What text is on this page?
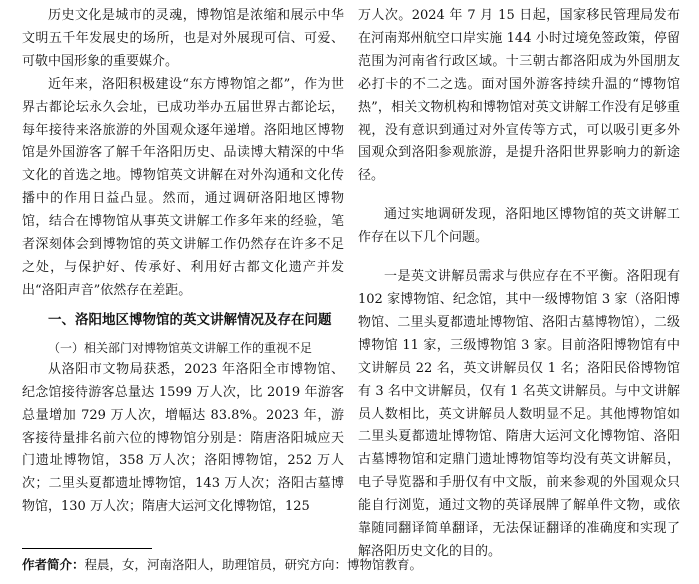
历史文化是城市的灵魂，博物馆是浓缩和展示中华文明五千年发展史的场所，也是对外展现可信、可爱、可敬中国形象的重要媒介。

近年来，洛阳积极建设“东方博物馆之都”，作为世界古都论坛永久会址，已成功举办五届世界古都论坛，每年接待来洛旅游的外国观众逐年递增。洛阳地区博物馆是外国游客了解千年洛阳历史、品读博大精深的中华文化的首选之地。博物馆英文讲解在对外沟通和文化传播中的作用日益凸显。然而，通过调研洛阳地区博物馆，结合在博物馆从事英文讲解工作多年来的经验，笔者深刻体会到博物馆的英文讲解工作仍然存在许多不足之处，与保护好、传承好、利用好古都文化遗产并发出“洛阳声音”依然存在差距。

一、洛阳地区博物馆的英文讲解情况及存在问题

（一）相关部门对博物馆英文讲解工作的重视不足

从洛阳市文物局获悉，2023 年洛阳全市博物馆、纪念馆接待游客总量达 1599 万人次，比 2019 年游客总量增加 729 万人次，增幅达 83.8%。2023 年，游客接待量排名前六位的博物馆分别是：隋唐洛阳城应天门遗址博物馆，358 万人次；洛阳博物馆，252 万人次；二里头夏都遗址博物馆，143 万人次；洛阳古墓博物馆，130 万人次；隋唐大运河文化博物馆，125

万人次。2024 年 7 月 15 日起，国家移民管理局发布在河南郑州航空口岸实施 144 小时过境免签政策，停留范围为河南省行政区域。十三朝古都洛阳成为外国朋友必打卡的不二之选。面对国外游客持续升温的“博物馆热”，相关文物机构和博物馆对英文讲解工作没有足够重视，没有意识到通过对外宣传等方式，可以吸引更多外国观众到洛阳参观旅游，是提升洛阳世界影响力的新途径。

通过实地调研发现，洛阳地区博物馆的英文讲解工作存在以下几个问题。

一是英文讲解员需求与供应存在不平衡。洛阳现有 102 家博物馆、纪念馆，其中一级博物馆 3 家（洛阳博物馆、二里头夏都遗址博物馆、洛阳古墓博物馆），二级博物馆 11 家，三级博物馆 3 家。目前洛阳博物馆有中文讲解员 22 名，英文讲解员仅 1 名；洛阳民俗博物馆有 3 名中文讲解员，仅有 1 名英文讲解员。与中文讲解员人数相比，英文讲解员人数明显不足。其他博物馆如二里头夏都遗址博物馆、隋唐大运河文化博物馆、洛阳古墓博物馆和定鼎门遗址博物馆等均没有英文讲解员，电子导览器和手册仅有中文版，前来参观的外国观众只能自行浏览，通过文物的英译展牌了解单件文物，或依靠随同翻译简单翻译，无法保证翻译的准确度和实现了解洛阳历史文化的目的。

作者简介：程晨，女，河南洛阳人，助理馆员，研究方向：博物馆教育。
